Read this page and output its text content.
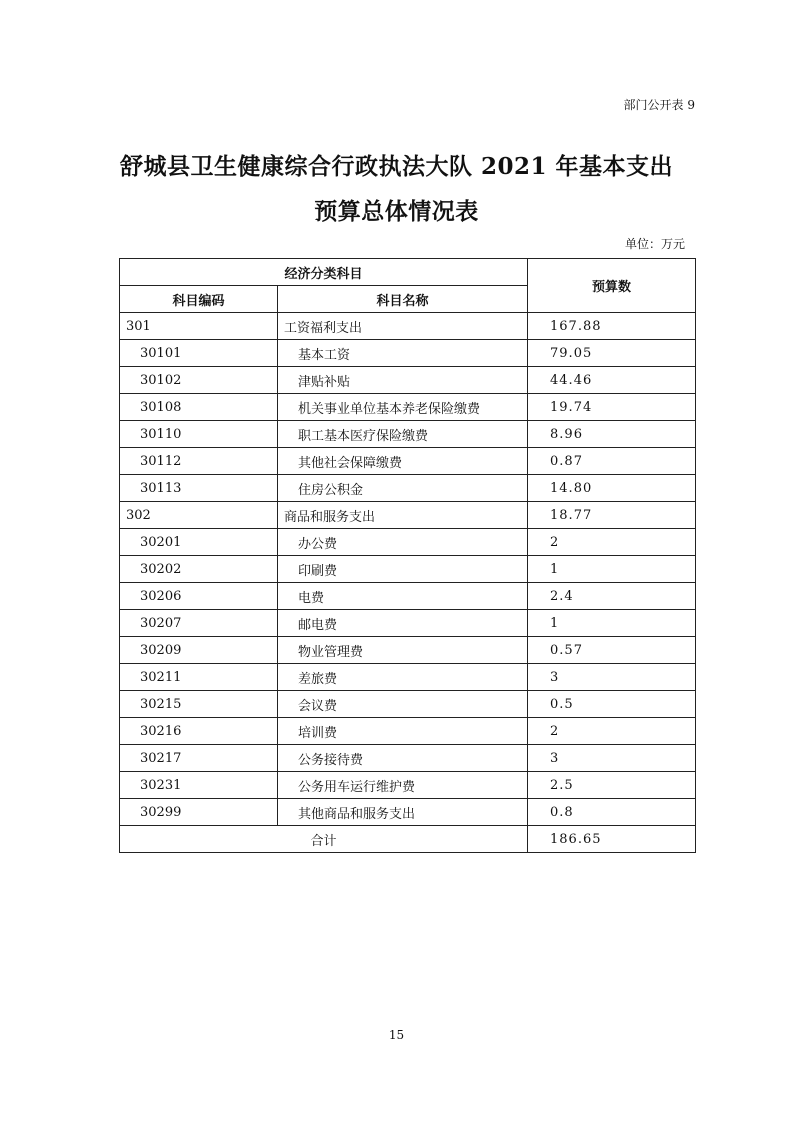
部门公开表 9
舒城县卫生健康综合行政执法大队 2021 年基本支出
预算总体情况表
单位：万元
经济分类科目		预算数
科目编码	科目名称	
301	工资福利支出	167.88
30101	基本工资	79.05
30102	津贴补贴	44.46
30108	机关事业单位基本养老保险缴费	19.74
30110	职工基本医疗保险缴费	8.96
30112	其他社会保障缴费	0.87
30113	住房公积金	14.80
302	商品和服务支出	18.77
30201	办公费	2
30202	印刷费	1
30206	电费	2.4
30207	邮电费	1
30209	物业管理费	0.57
30211	差旅费	3
30215	会议费	0.5
30216	培训费	2
30217	公务接待费	3
30231	公务用车运行维护费	2.5
30299	其他商品和服务支出	0.8
合计		186.65
15
